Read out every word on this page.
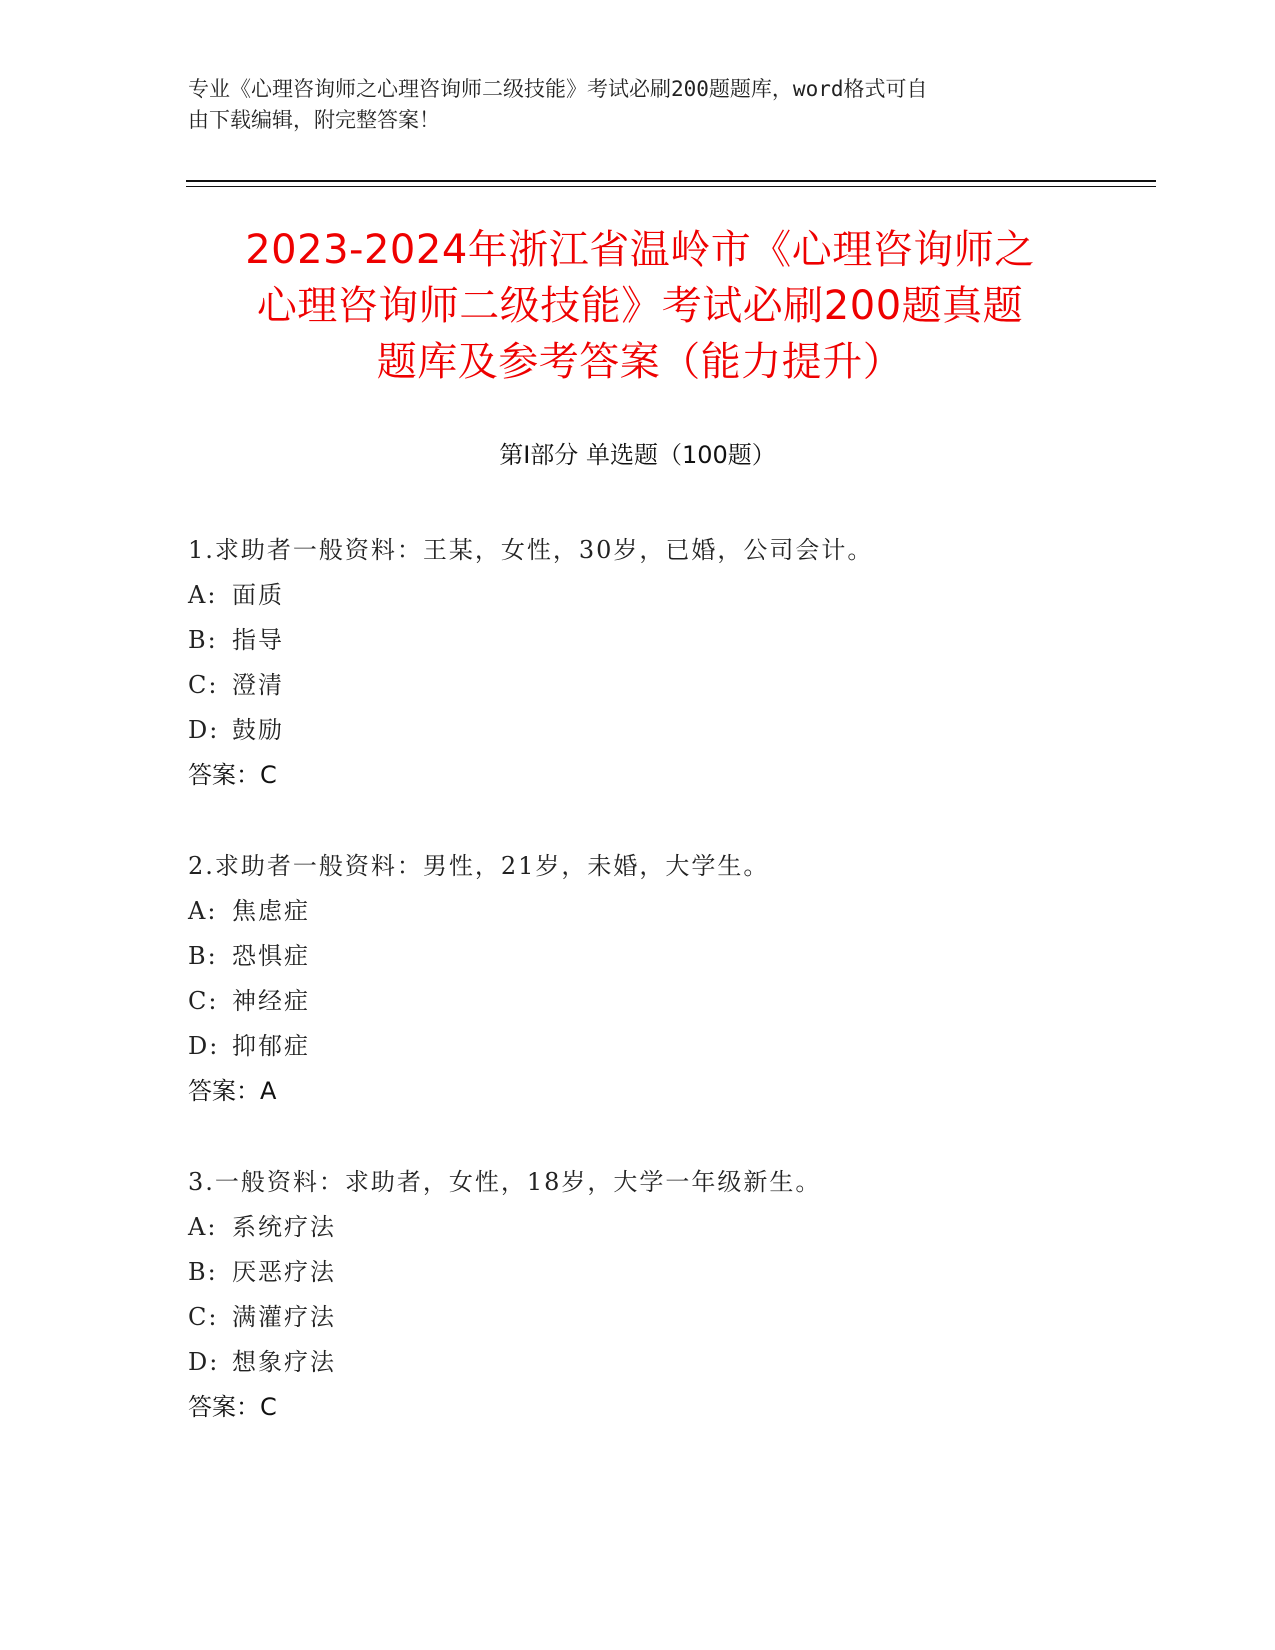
专业《心理咨询师之心理咨询师二级技能》考试必刷200题题库，word格式可自
由下载编辑，附完整答案！
2023-2024年浙江省温岭市《心理咨询师之
心理咨询师二级技能》考试必刷200题真题
题库及参考答案（能力提升）
第Ⅰ部分 单选题（100题）
1.求助者一般资料：王某，女性，30岁，已婚，公司会计。
A: 面质
B: 指导
C: 澄清
D: 鼓励
答案：C
2.求助者一般资料：男性，21岁，未婚，大学生。
A: 焦虑症
B: 恐惧症
C: 神经症
D: 抑郁症
答案：A
3.一般资料：求助者，女性，18岁，大学一年级新生。
A: 系统疗法
B: 厌恶疗法
C: 满灌疗法
D: 想象疗法
答案：C
